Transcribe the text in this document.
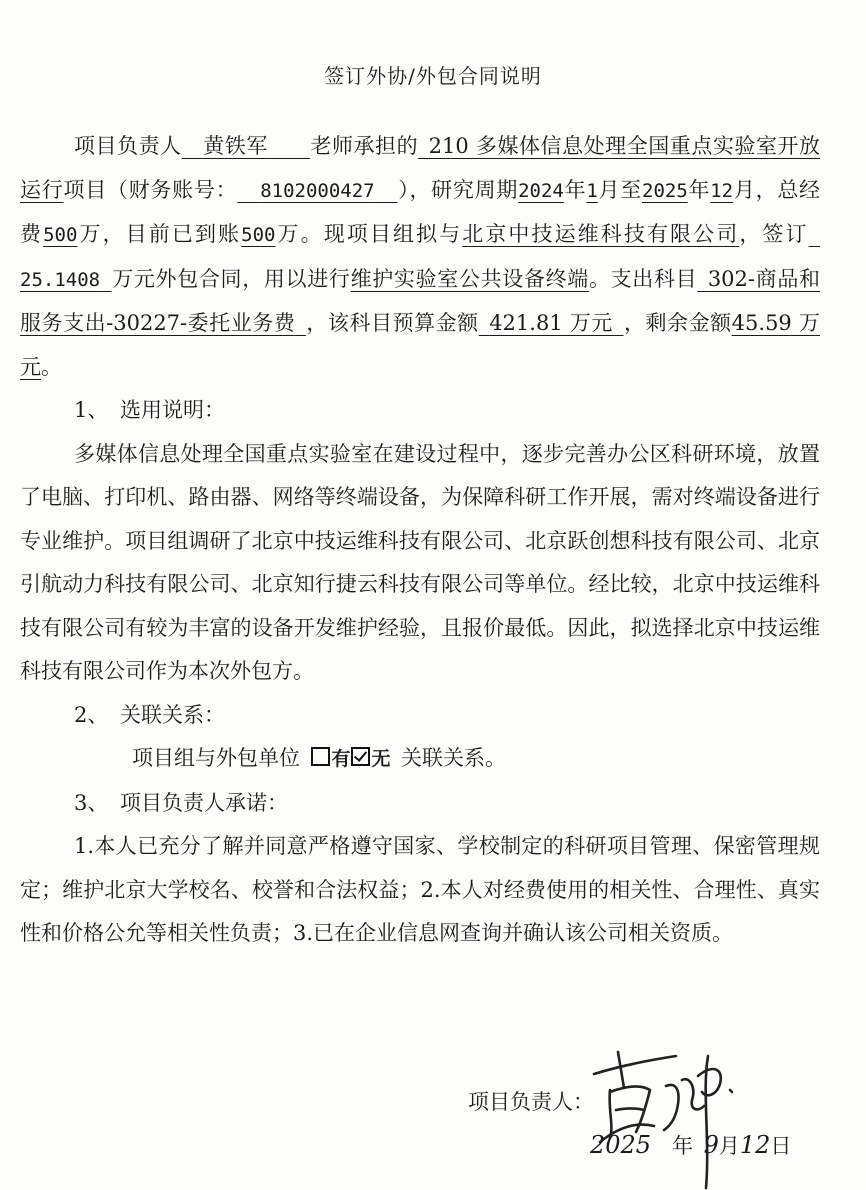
签订外协/外包合同说明

项目负责人  黄铁军   老师承担的  210 多媒体信息处理全国重点实验室开放运行项目（财务账号：   8102000427   ），研究周期2024年1月至2025年12月，总经费500万，目前已到账500万。现项目组拟与北京中技运维科技有限公司，签订 25.1408  万元外包合同，用以进行维护实验室公共设备终端。支出科目  302-商品和服务支出-30227-委托业务费  ，该科目预算金额  421.81 万元  ，剩余金额45.59 万元。

1、 选用说明：

多媒体信息处理全国重点实验室在建设过程中，逐步完善办公区科研环境，放置了电脑、打印机、路由器、网络等终端设备，为保障科研工作开展，需对终端设备进行专业维护。项目组调研了北京中技运维科技有限公司、北京跃创想科技有限公司、北京引航动力科技有限公司、北京知行捷云科技有限公司等单位。经比较，北京中技运维科技有限公司有较为丰富的设备开发维护经验，且报价最低。因此，拟选择北京中技运维科技有限公司作为本次外包方。

2、 关联关系：

项目组与外包单位  有 无  关联关系。

3、 项目负责人承诺：

1.本人已充分了解并同意严格遵守国家、学校制定的科研项目管理、保密管理规定；维护北京大学校名、校誉和合法权益；2.本人对经费使用的相关性、合理性、真实性和价格公允等相关性负责；3.已在企业信息网查询并确认该公司相关资质。

项目负责人：
2025  年  9月12日
